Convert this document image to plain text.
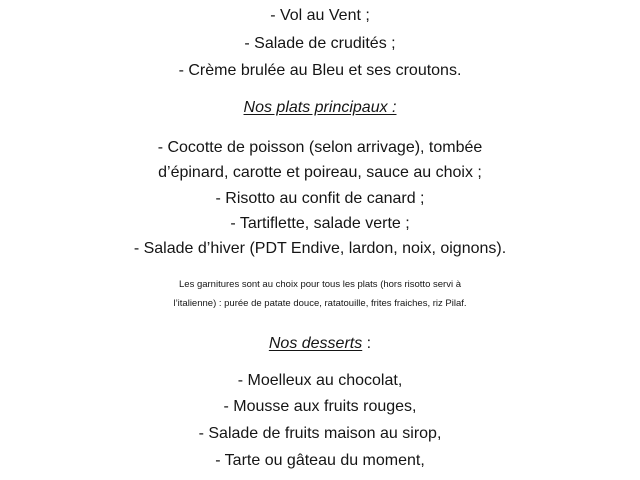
- Vol au Vent ;
- Salade de crudités ;
- Crème brulée au Bleu et ses croutons.
Nos plats principaux :
- Cocotte de poisson (selon arrivage), tombée
d’épinard, carotte et poireau, sauce au choix ;
- Risotto au confit de canard ;
- Tartiflette, salade verte ;
- Salade d’hiver (PDT Endive, lardon, noix, oignons).
Les garnitures sont au choix pour tous les plats (hors risotto servi à
l’italienne) : purée de patate douce, ratatouille, frites fraiches, riz Pilaf.
Nos desserts :
- Moelleux au chocolat,
- Mousse aux fruits rouges,
- Salade de fruits maison au sirop,
- Tarte ou gâteau du moment,
